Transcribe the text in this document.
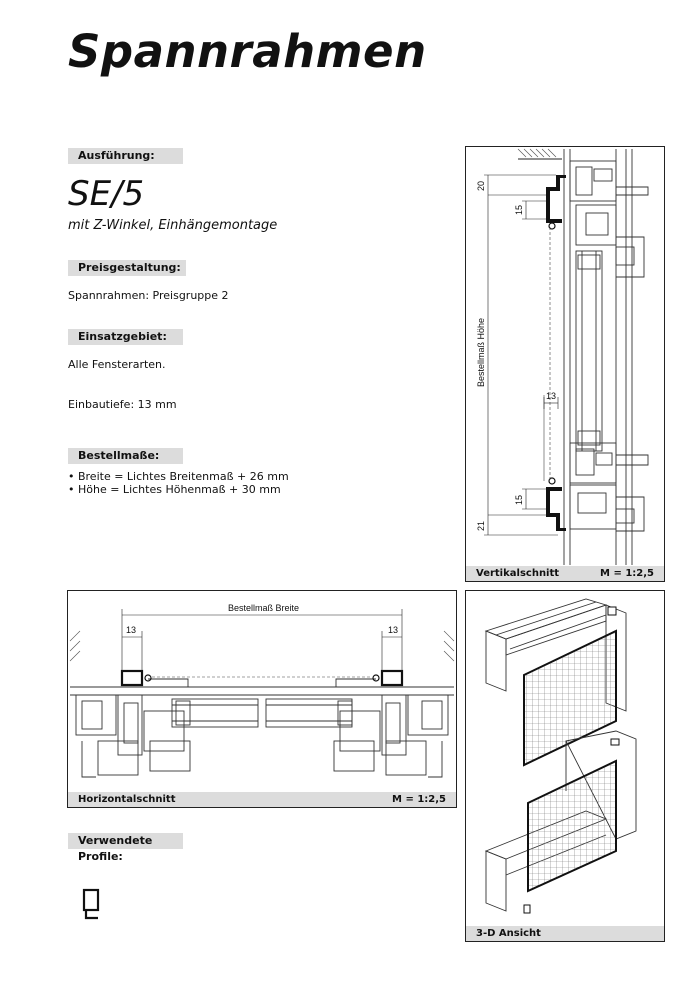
Spannrahmen
Ausführung:
SE/5
mit Z-Winkel, Einhängemontage
Preisgestaltung:
Spannrahmen: Preisgruppe 2
Einsatzgebiet:
Alle Fensterarten.
Einbautiefe: 13 mm
Bestellmaße:
• Breite = Lichtes Breitenmaß + 26 mm
• Höhe = Lichtes Höhenmaß + 30 mm
Verwendete Profile:
20
15
13
15
21
Bestellmaß Höhe
Vertikalschnitt	M = 1:2,5
Bestellmaß Breite
13	13
Horizontalschnitt	M = 1:2,5
3-D Ansicht
